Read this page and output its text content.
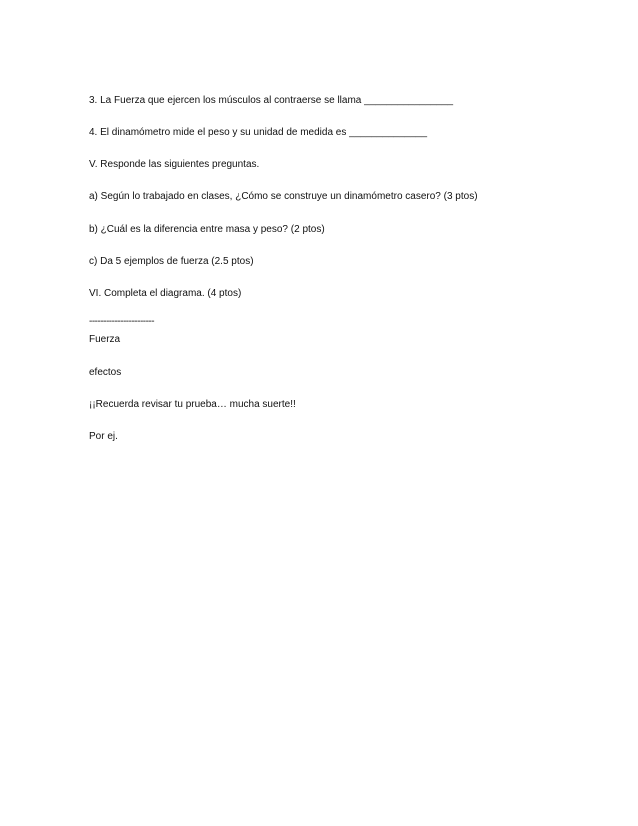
3. La Fuerza que ejercen los músculos al contraerse se llama ________________
4. El dinamómetro mide el peso y su unidad de medida es ______________
V. Responde las siguientes preguntas.
a) Según lo trabajado en clases, ¿Cómo se construye un dinamómetro casero? (3 ptos)
b) ¿Cuál es la diferencia entre masa y peso? (2 ptos)
c) Da 5 ejemplos de fuerza (2.5 ptos)
VI. Completa el diagrama. (4 ptos)
-----------------------
Fuerza
efectos
¡¡Recuerda revisar tu prueba… mucha suerte!!
Por ej.
